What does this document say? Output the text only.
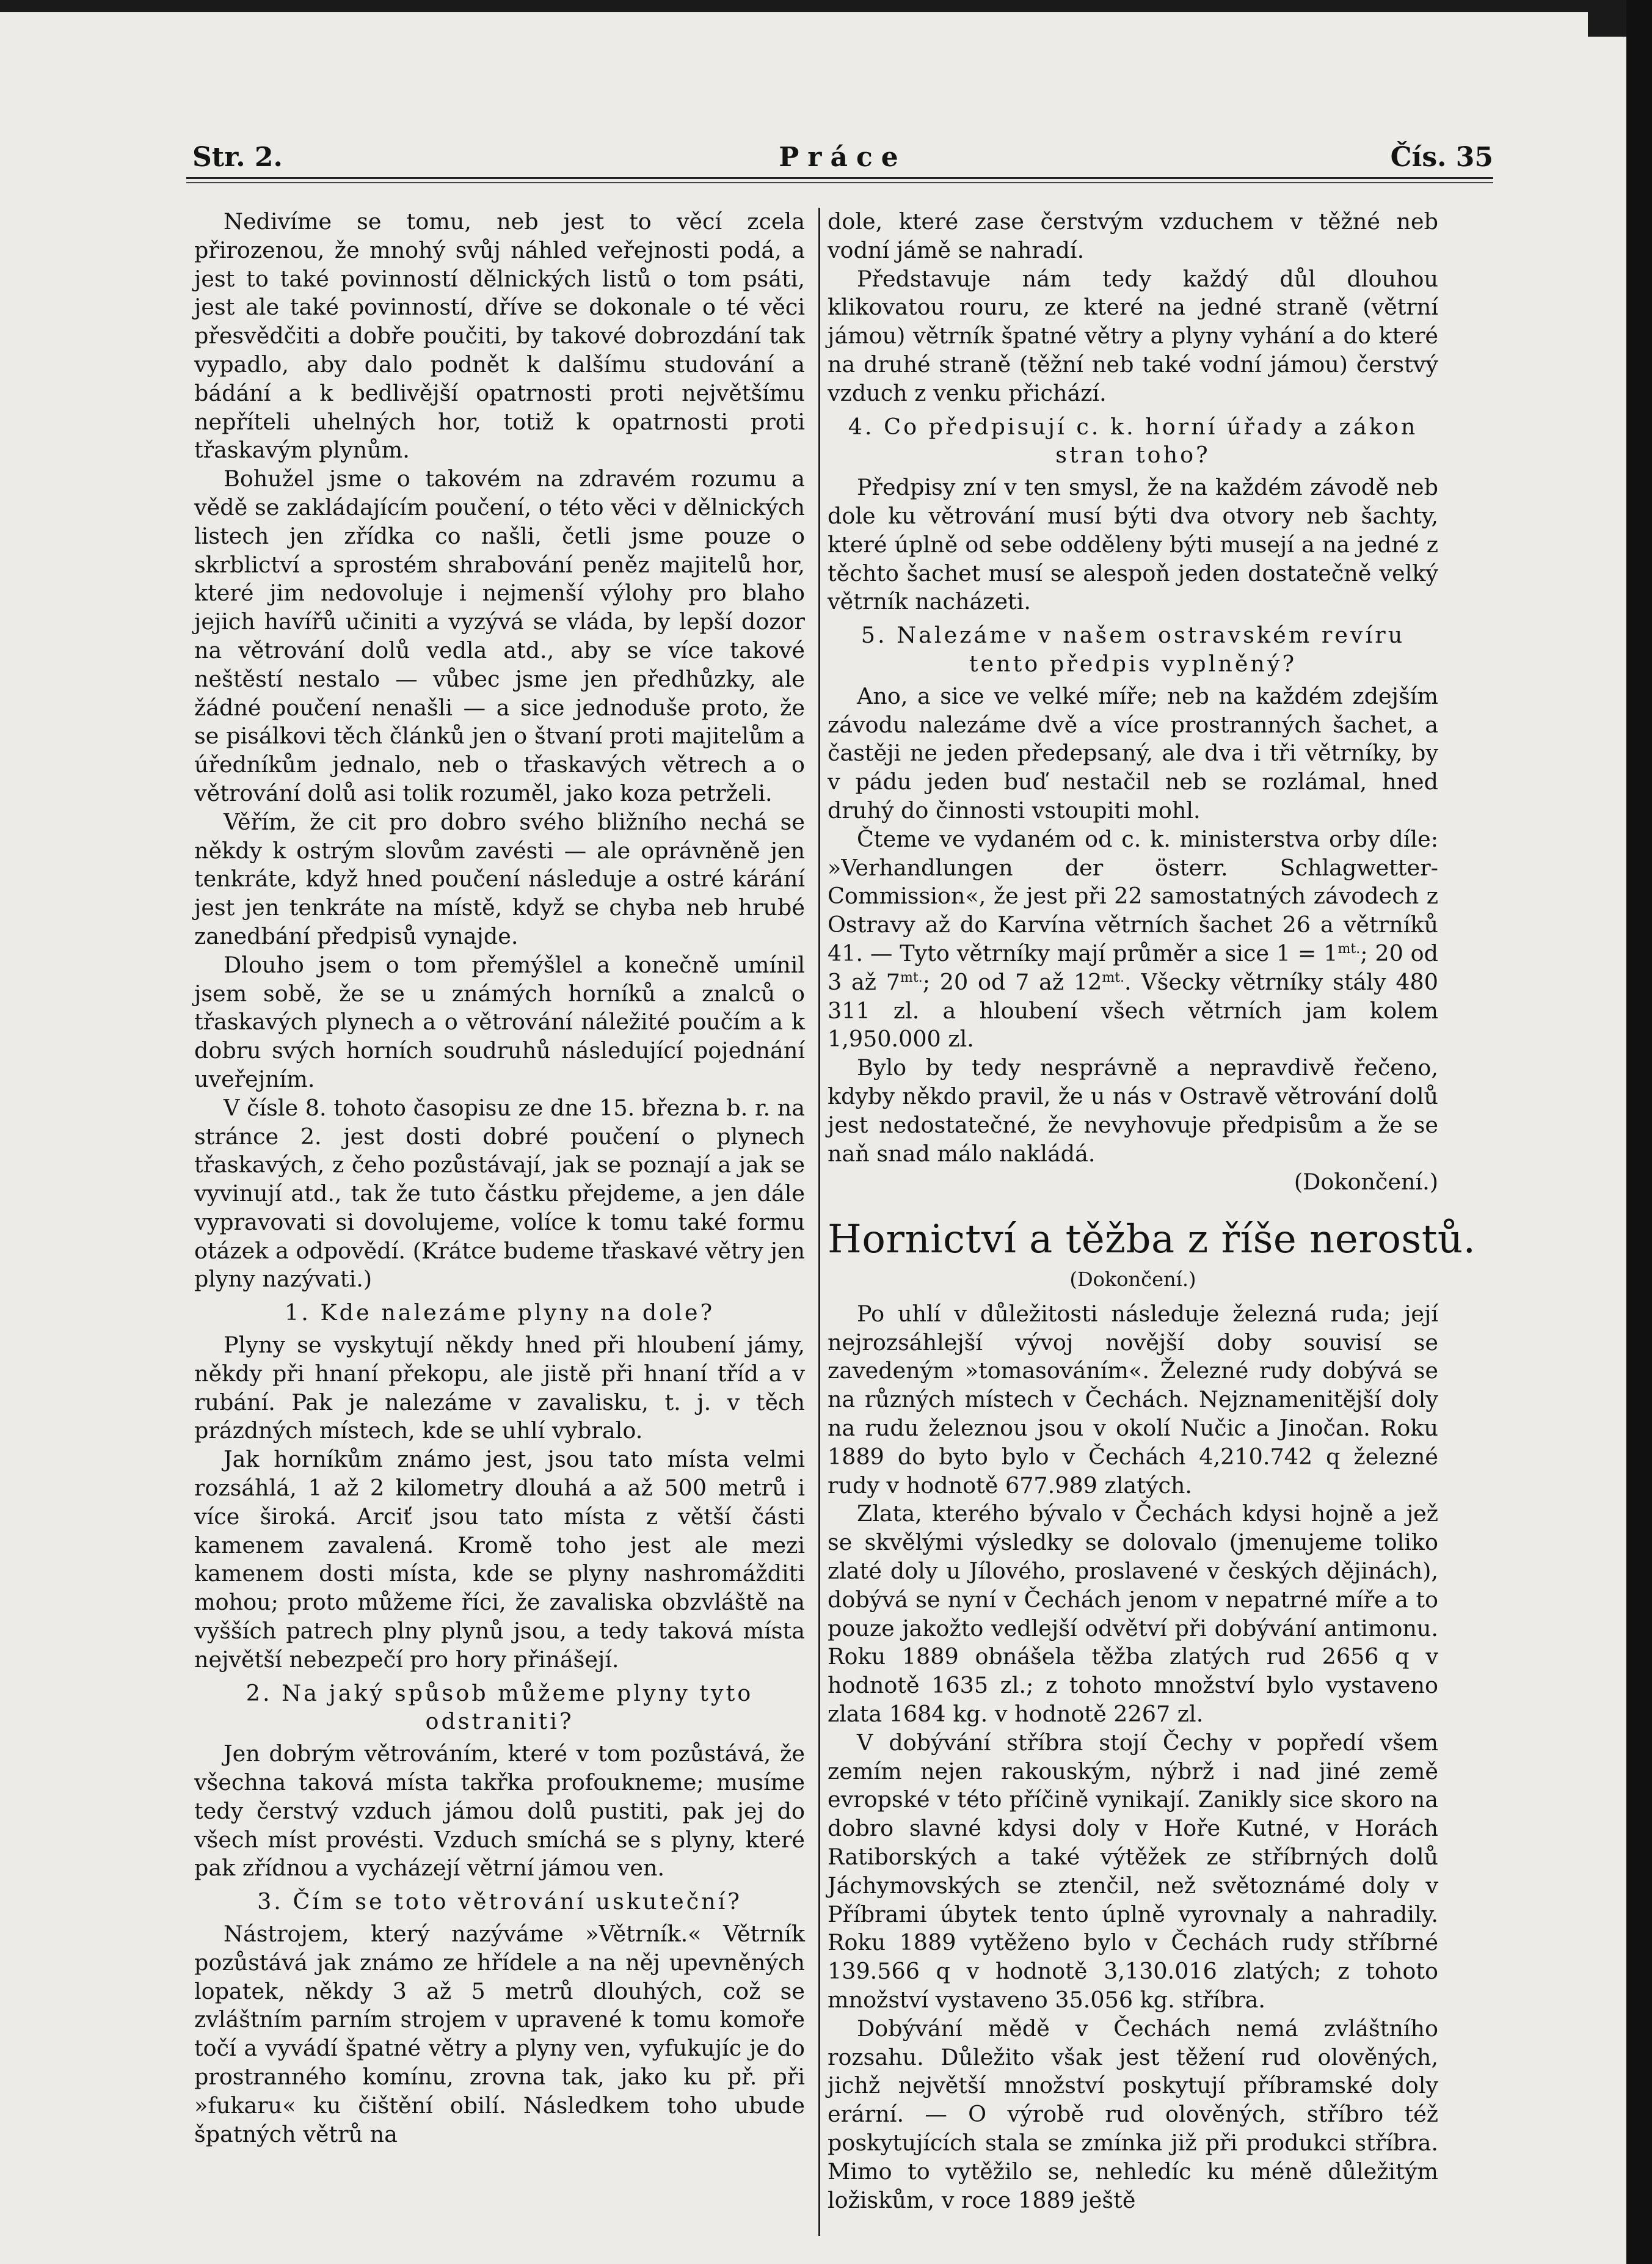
Str. 2.	Práce	Čís. 35

Nedivíme se tomu, neb jest to věcí zcela přirozenou, že mnohý svůj náhled veřejnosti podá, a jest to také povinností dělnických listů o tom psáti, jest ale také povinností, dříve se dokonale o té věci přesvědčiti a dobře poučiti, by takové dobrozdání tak vypadlo, aby dalo podnět k dalšímu studování a bádání a k bedlivější opatrnosti proti největšímu nepříteli uhelných hor, totiž k opatrnosti proti třaskavým plynům.

Bohužel jsme o takovém na zdravém rozumu a vědě se zakládajícím poučení, o této věci v dělnických listech jen zřídka co našli, četli jsme pouze o skrblictví a sprostém shrabování peněz majitelů hor, které jim nedovoluje i nejmenší výlohy pro blaho jejich havířů učiniti a vyzývá se vláda, by lepší dozor na větrování dolů vedla atd., aby se více takové neštěstí nestalo — vůbec jsme jen předhůzky, ale žádné poučení nenašli — a sice jednoduše proto, že se pisálkovi těch článků jen o štvaní proti majitelům a úředníkům jednalo, neb o třaskavých větrech a o větrování dolů asi tolik rozuměl, jako koza petrželi.

Věřím, že cit pro dobro svého bližního nechá se někdy k ostrým slovům zavésti — ale oprávněně jen tenkráte, když hned poučení následuje a ostré kárání jest jen tenkráte na místě, když se chyba neb hrubé zanedbání předpisů vynajde.

Dlouho jsem o tom přemýšlel a konečně umínil jsem sobě, že se u známých horníků a znalců o třaskavých plynech a o větrování náležité poučím a k dobru svých horních soudruhů následující pojednání uveřejním.

V čísle 8. tohoto časopisu ze dne 15. března b. r. na stránce 2. jest dosti dobré poučení o plynech třaskavých, z čeho pozůstávají, jak se poznají a jak se vyvinují atd., tak že tuto částku přejdeme, a jen dále vypravovati si dovolujeme, volíce k tomu také formu otázek a odpovědí. (Krátce budeme třaskavé větry jen plyny nazývati.)

1. Kde nalezáme plyny na dole?

Plyny se vyskytují někdy hned při hloubení jámy, někdy při hnaní překopu, ale jistě při hnaní tříd a v rubání. Pak je nalezáme v zavalisku, t. j. v těch prázdných místech, kde se uhlí vybralo.

Jak horníkům známo jest, jsou tato místa velmi rozsáhlá, 1 až 2 kilometry dlouhá a až 500 metrů i více široká. Arciť jsou tato místa z větší části kamenem zavalená. Kromě toho jest ale mezi kamenem dosti místa, kde se plyny nashromážditi mohou; proto můžeme říci, že zavaliska obzvláště na vyšších patrech plny plynů jsou, a tedy taková místa největší nebezpečí pro hory přinášejí.

2. Na jaký spůsob můžeme plyny tyto odstraniti?

Jen dobrým větrováním, které v tom pozůstává, že všechna taková místa takřka profoukneme; musíme tedy čerstvý vzduch jámou dolů pustiti, pak jej do všech míst provésti. Vzduch smíchá se s plyny, které pak zřídnou a vycházejí větrní jámou ven.

3. Čím se toto větrování uskuteční?

Nástrojem, který nazýváme »Větrník.« Větrník pozůstává jak známo ze hřídele a na něj upevněných lopatek, někdy 3 až 5 metrů dlouhých, což se zvláštním parním strojem v upravené k tomu komoře točí a vyvádí špatné větry a plyny ven, vyfukujíc je do prostranného komínu, zrovna tak, jako ku př. při »fukaru« ku čištění obilí. Následkem toho ubude špatných větrů na

dole, které zase čerstvým vzduchem v těžné neb vodní jámě se nahradí.

Představuje nám tedy každý důl dlouhou klikovatou rouru, ze které na jedné straně (větrní jámou) větrník špatné větry a plyny vyhání a do které na druhé straně (těžní neb také vodní jámou) čerstvý vzduch z venku přichází.

4. Co předpisují c. k. horní úřady a zákon stran toho?

Předpisy zní v ten smysl, že na každém závodě neb dole ku větrování musí býti dva otvory neb šachty, které úplně od sebe odděleny býti musejí a na jedné z těchto šachet musí se alespoň jeden dostatečně velký větrník nacházeti.

5. Nalezáme v našem ostravském revíru tento předpis vyplněný?

Ano, a sice ve velké míře; neb na každém zdejším závodu nalezáme dvě a více prostranných šachet, a častěji ne jeden předepsaný, ale dva i tři větrníky, by v pádu jeden buď nestačil neb se rozlámal, hned druhý do činnosti vstoupiti mohl.

Čteme ve vydaném od c. k. ministerstva orby díle: »Verhandlungen der österr. Schlagwetter-Commission«, že jest při 22 samostatných závodech z Ostravy až do Karvína větrních šachet 26 a větrníků 41. — Tyto větrníky mají průměr a sice $1 = 1^{mt.}$; 20 od 3 až $7^{mt.}$; 20 od 7 až $12^{mt.}$. Všecky větrníky stály 480 311 zl. a hloubení všech větrních jam kolem 1,950.000 zl.

Bylo by tedy nesprávně a nepravdivě řečeno, kdyby někdo pravil, že u nás v Ostravě větrování dolů jest nedostatečné, že nevyhovuje předpisům a že se naň snad málo nakládá.

(Dokončení.)

Hornictví a těžba z říše nerostů.

(Dokončení.)

Po uhlí v důležitosti následuje železná ruda; její nejrozsáhlejší vývoj novější doby souvisí se zavedeným »tomasováním«. Železné rudy dobývá se na různých místech v Čechách. Nejznamenitější doly na rudu železnou jsou v okolí Nučic a Jinočan. Roku 1889 do byto bylo v Čechách 4,210.742 q železné rudy v hodnotě 677.989 zlatých.

Zlata, kterého bývalo v Čechách kdysi hojně a jež se skvělými výsledky se dolovalo (jmenujeme toliko zlaté doly u Jílového, proslavené v českých dějinách), dobývá se nyní v Čechách jenom v nepatrné míře a to pouze jakožto vedlejší odvětví při dobývání antimonu. Roku 1889 obnášela těžba zlatých rud 2656 q v hodnotě 1635 zl.; z tohoto množství bylo vystaveno zlata 1684 kg. v hodnotě 2267 zl.

V dobývání stříbra stojí Čechy v popředí všem zemím nejen rakouským, nýbrž i nad jiné země evropské v této příčině vynikají. Zanikly sice skoro na dobro slavné kdysi doly v Hoře Kutné, v Horách Ratiborských a také výtěžek ze stříbrných dolů Jáchymovských se ztenčil, než světoznámé doly v Příbrami úbytek tento úplně vyrovnaly a nahradily. Roku 1889 vytěženo bylo v Čechách rudy stříbrné 139.566 q v hodnotě 3,130.016 zlatých; z tohoto množství vystaveno 35.056 kg. stříbra.

Dobývání mědě v Čechách nemá zvláštního rozsahu. Důležito však jest těžení rud olověných, jichž největší množství poskytují příbramské doly erární. — O výrobě rud olověných, stříbro též poskytujících stala se zmínka již při produkci stříbra. Mimo to vytěžilo se, nehledíc ku méně důležitým ložiskům, v roce 1889 ještě
